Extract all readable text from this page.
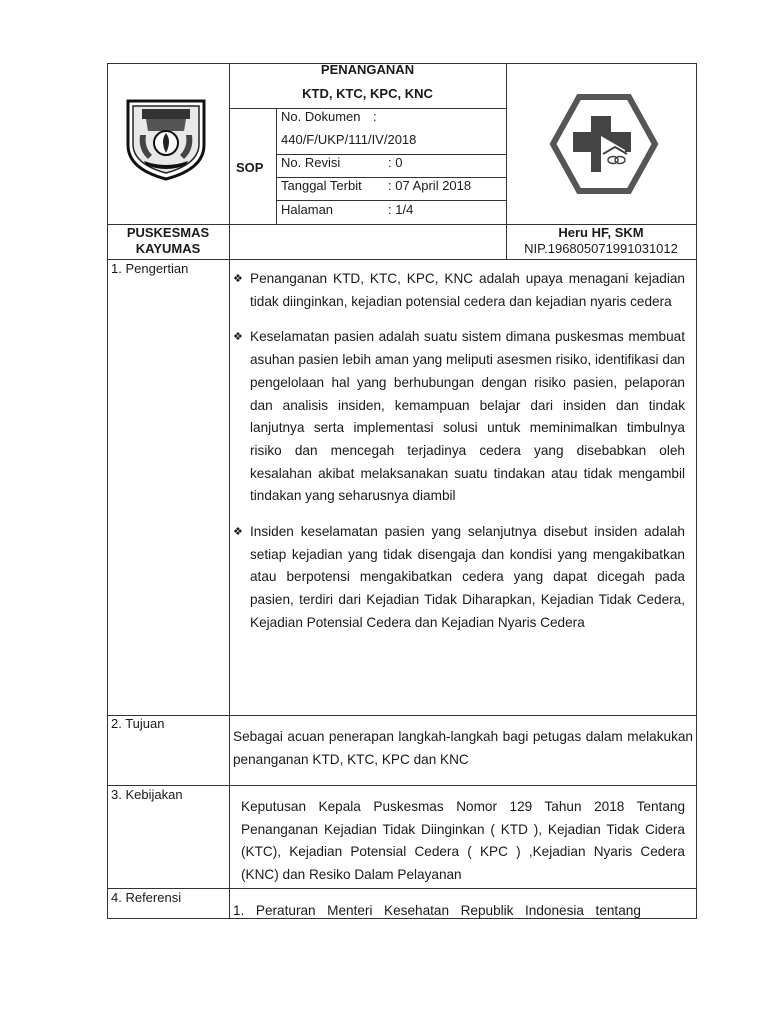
PENANGANAN
KTD, KTC, KPC, KNC
SOP
No. Dokumen :
440/F/UKP/111/IV/2018
No. Revisi	: 0
Tanggal Terbit : 07 April 2018
Halaman	: 1/4
PUSKESMAS
KAYUMAS
Heru HF, SKM
NIP.196805071991031012
1. Pengertian
❖ Penanganan KTD, KTC, KPC, KNC adalah upaya menagani kejadian tidak diinginkan, kejadian potensial cedera dan kejadian nyaris cedera
❖ Keselamatan pasien adalah suatu sistem dimana puskesmas membuat asuhan pasien lebih aman yang meliputi asesmen risiko, identifikasi dan pengelolaan hal yang berhubungan dengan risiko pasien, pelaporan dan analisis insiden, kemampuan belajar dari insiden dan tindak lanjutnya serta implementasi solusi untuk meminimalkan timbulnya risiko dan mencegah terjadinya cedera yang disebabkan oleh kesalahan akibat melaksanakan suatu tindakan atau tidak mengambil tindakan yang seharusnya diambil
❖ Insiden keselamatan pasien yang selanjutnya disebut insiden adalah setiap kejadian yang tidak disengaja dan kondisi yang mengakibatkan atau berpotensi mengakibatkan cedera yang dapat dicegah pada pasien, terdiri dari Kejadian Tidak Diharapkan, Kejadian Tidak Cedera, Kejadian Potensial Cedera dan Kejadian Nyaris Cedera
2. Tujuan
Sebagai acuan penerapan langkah-langkah bagi petugas dalam melakukan penanganan KTD, KTC, KPC dan KNC
3. Kebijakan
Keputusan Kepala Puskesmas Nomor 129 Tahun 2018 Tentang Penanganan Kejadian Tidak Diinginkan ( KTD ), Kejadian Tidak Cidera (KTC), Kejadian Potensial Cedera ( KPC ) ,Kejadian Nyaris Cedera (KNC) dan Resiko Dalam Pelayanan
4. Referensi
1.  Peraturan  Menteri  Kesehatan  Republik  Indonesia  tentang
